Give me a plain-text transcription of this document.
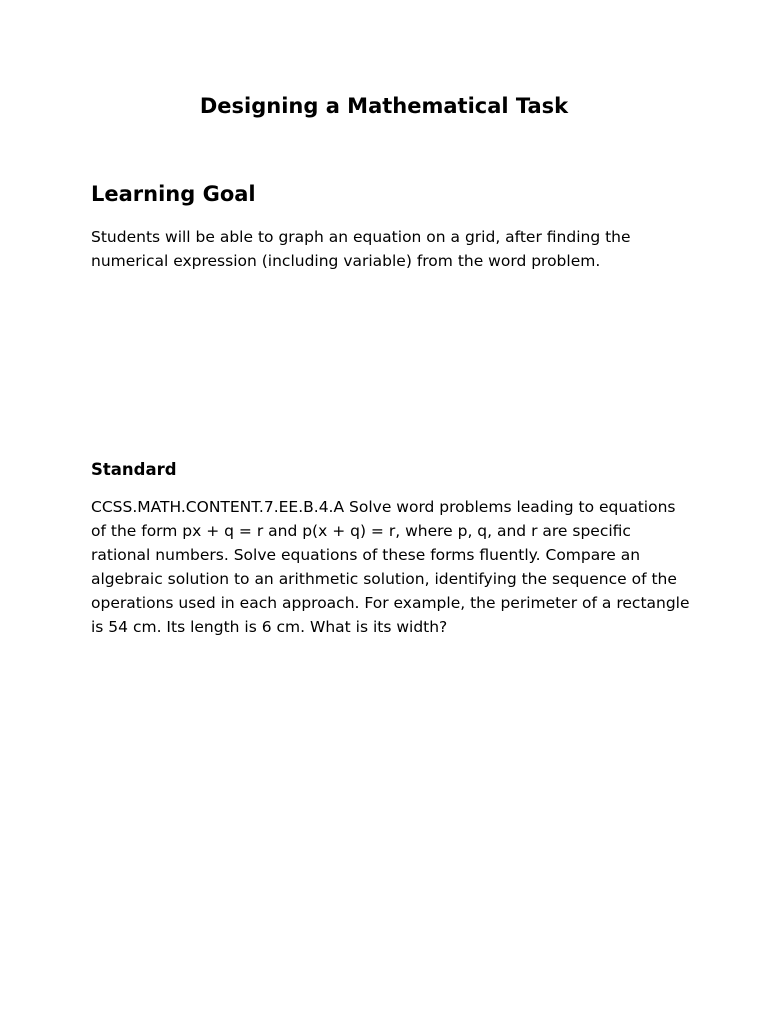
Designing a Mathematical Task
Learning Goal

Students will be able to graph an equation on a grid, after finding the numerical expression (including variable) from the word problem.

Standard

CCSS.MATH.CONTENT.7.EE.B.4.A Solve word problems leading to equations of the form px + q = r and p(x + q) = r, where p, q, and r are specific rational numbers. Solve equations of these forms fluently. Compare an algebraic solution to an arithmetic solution, identifying the sequence of the operations used in each approach. For example, the perimeter of a rectangle is 54 cm. Its length is 6 cm. What is its width?
